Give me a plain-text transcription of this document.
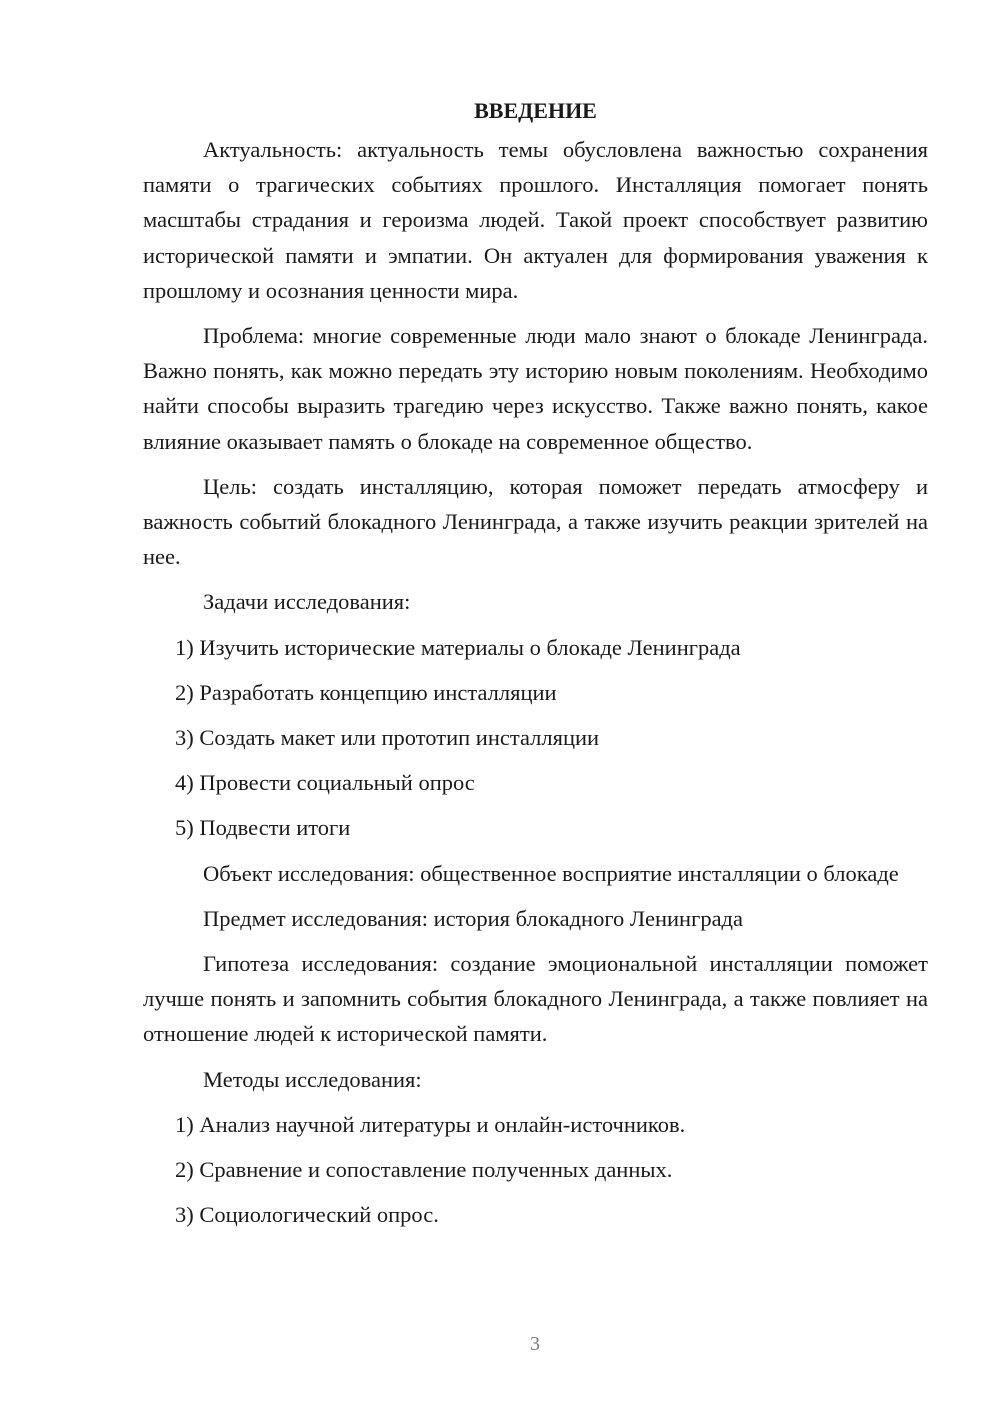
ВВЕДЕНИЕ

Актуальность: актуальность темы обусловлена важностью сохранения памяти о трагических событиях прошлого. Инсталляция помогает понять масштабы страдания и героизма людей. Такой проект способствует развитию исторической памяти и эмпатии. Он актуален для формирования уважения к прошлому и осознания ценности мира.

Проблема: многие современные люди мало знают о блокаде Ленинграда. Важно понять, как можно передать эту историю новым поколениям. Необходимо найти способы выразить трагедию через искусство. Также важно понять, какое влияние оказывает память о блокаде на современное общество.

Цель: создать инсталляцию, которая поможет передать атмосферу и важность событий блокадного Ленинграда, а также изучить реакции зрителей на нее.

Задачи исследования:

1) Изучить исторические материалы о блокаде Ленинграда

2) Разработать концепцию инсталляции

3) Создать макет или прототип инсталляции

4) Провести социальный опрос

5) Подвести итоги

Объект исследования: общественное восприятие инсталляции о блокаде

Предмет исследования: история блокадного Ленинграда

Гипотеза исследования: создание эмоциональной инсталляции поможет лучше понять и запомнить события блокадного Ленинграда, а также повлияет на отношение людей к исторической памяти.

Методы исследования:

1) Анализ научной литературы и онлайн-источников.

2) Сравнение и сопоставление полученных данных.

3) Социологический опрос.

3
